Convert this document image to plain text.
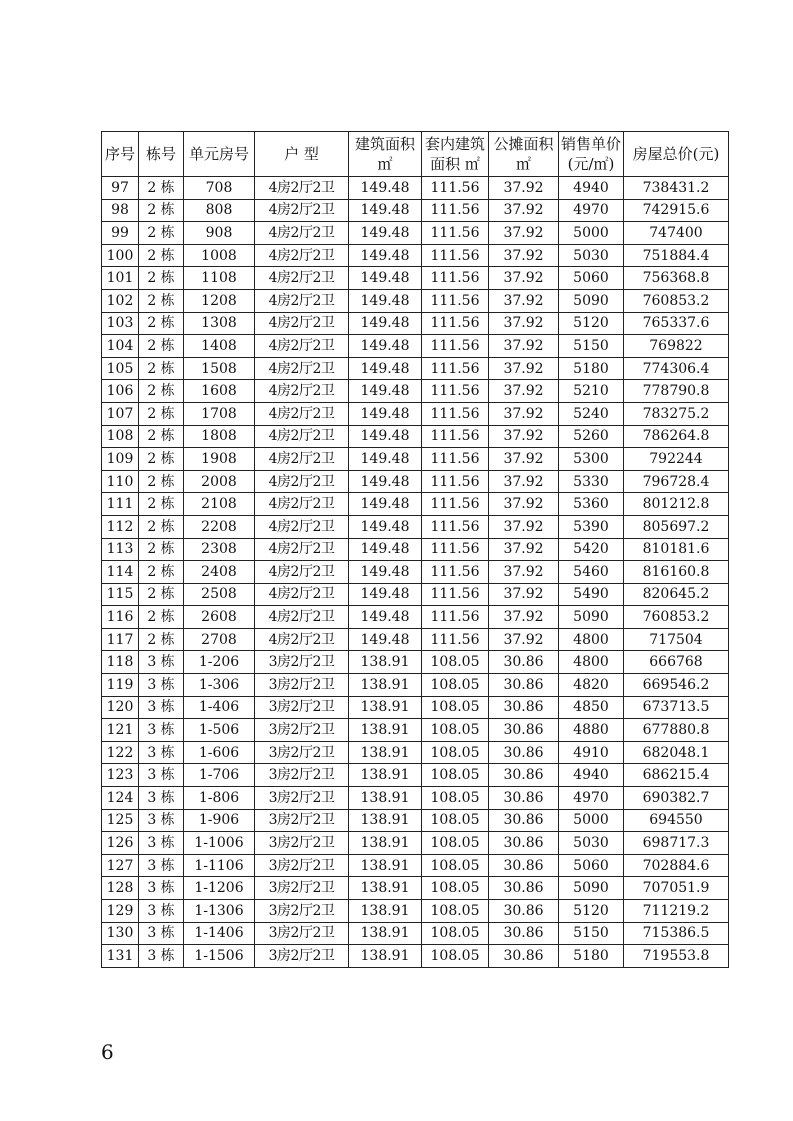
序号	栋号	单元房号	户 型	建筑面积 ㎡	套内建筑面积 ㎡	公摊面积 ㎡	销售单价 (元/㎡)	房屋总价(元)
97	2 栋	708	4房2厅2卫	149.48	111.56	37.92	4940	738431.2
98	2 栋	808	4房2厅2卫	149.48	111.56	37.92	4970	742915.6
99	2 栋	908	4房2厅2卫	149.48	111.56	37.92	5000	747400
100	2 栋	1008	4房2厅2卫	149.48	111.56	37.92	5030	751884.4
101	2 栋	1108	4房2厅2卫	149.48	111.56	37.92	5060	756368.8
102	2 栋	1208	4房2厅2卫	149.48	111.56	37.92	5090	760853.2
103	2 栋	1308	4房2厅2卫	149.48	111.56	37.92	5120	765337.6
104	2 栋	1408	4房2厅2卫	149.48	111.56	37.92	5150	769822
105	2 栋	1508	4房2厅2卫	149.48	111.56	37.92	5180	774306.4
106	2 栋	1608	4房2厅2卫	149.48	111.56	37.92	5210	778790.8
107	2 栋	1708	4房2厅2卫	149.48	111.56	37.92	5240	783275.2
108	2 栋	1808	4房2厅2卫	149.48	111.56	37.92	5260	786264.8
109	2 栋	1908	4房2厅2卫	149.48	111.56	37.92	5300	792244
110	2 栋	2008	4房2厅2卫	149.48	111.56	37.92	5330	796728.4
111	2 栋	2108	4房2厅2卫	149.48	111.56	37.92	5360	801212.8
112	2 栋	2208	4房2厅2卫	149.48	111.56	37.92	5390	805697.2
113	2 栋	2308	4房2厅2卫	149.48	111.56	37.92	5420	810181.6
114	2 栋	2408	4房2厅2卫	149.48	111.56	37.92	5460	816160.8
115	2 栋	2508	4房2厅2卫	149.48	111.56	37.92	5490	820645.2
116	2 栋	2608	4房2厅2卫	149.48	111.56	37.92	5090	760853.2
117	2 栋	2708	4房2厅2卫	149.48	111.56	37.92	4800	717504
118	3 栋	1-206	3房2厅2卫	138.91	108.05	30.86	4800	666768
119	3 栋	1-306	3房2厅2卫	138.91	108.05	30.86	4820	669546.2
120	3 栋	1-406	3房2厅2卫	138.91	108.05	30.86	4850	673713.5
121	3 栋	1-506	3房2厅2卫	138.91	108.05	30.86	4880	677880.8
122	3 栋	1-606	3房2厅2卫	138.91	108.05	30.86	4910	682048.1
123	3 栋	1-706	3房2厅2卫	138.91	108.05	30.86	4940	686215.4
124	3 栋	1-806	3房2厅2卫	138.91	108.05	30.86	4970	690382.7
125	3 栋	1-906	3房2厅2卫	138.91	108.05	30.86	5000	694550
126	3 栋	1-1006	3房2厅2卫	138.91	108.05	30.86	5030	698717.3
127	3 栋	1-1106	3房2厅2卫	138.91	108.05	30.86	5060	702884.6
128	3 栋	1-1206	3房2厅2卫	138.91	108.05	30.86	5090	707051.9
129	3 栋	1-1306	3房2厅2卫	138.91	108.05	30.86	5120	711219.2
130	3 栋	1-1406	3房2厅2卫	138.91	108.05	30.86	5150	715386.5
131	3 栋	1-1506	3房2厅2卫	138.91	108.05	30.86	5180	719553.8
6
